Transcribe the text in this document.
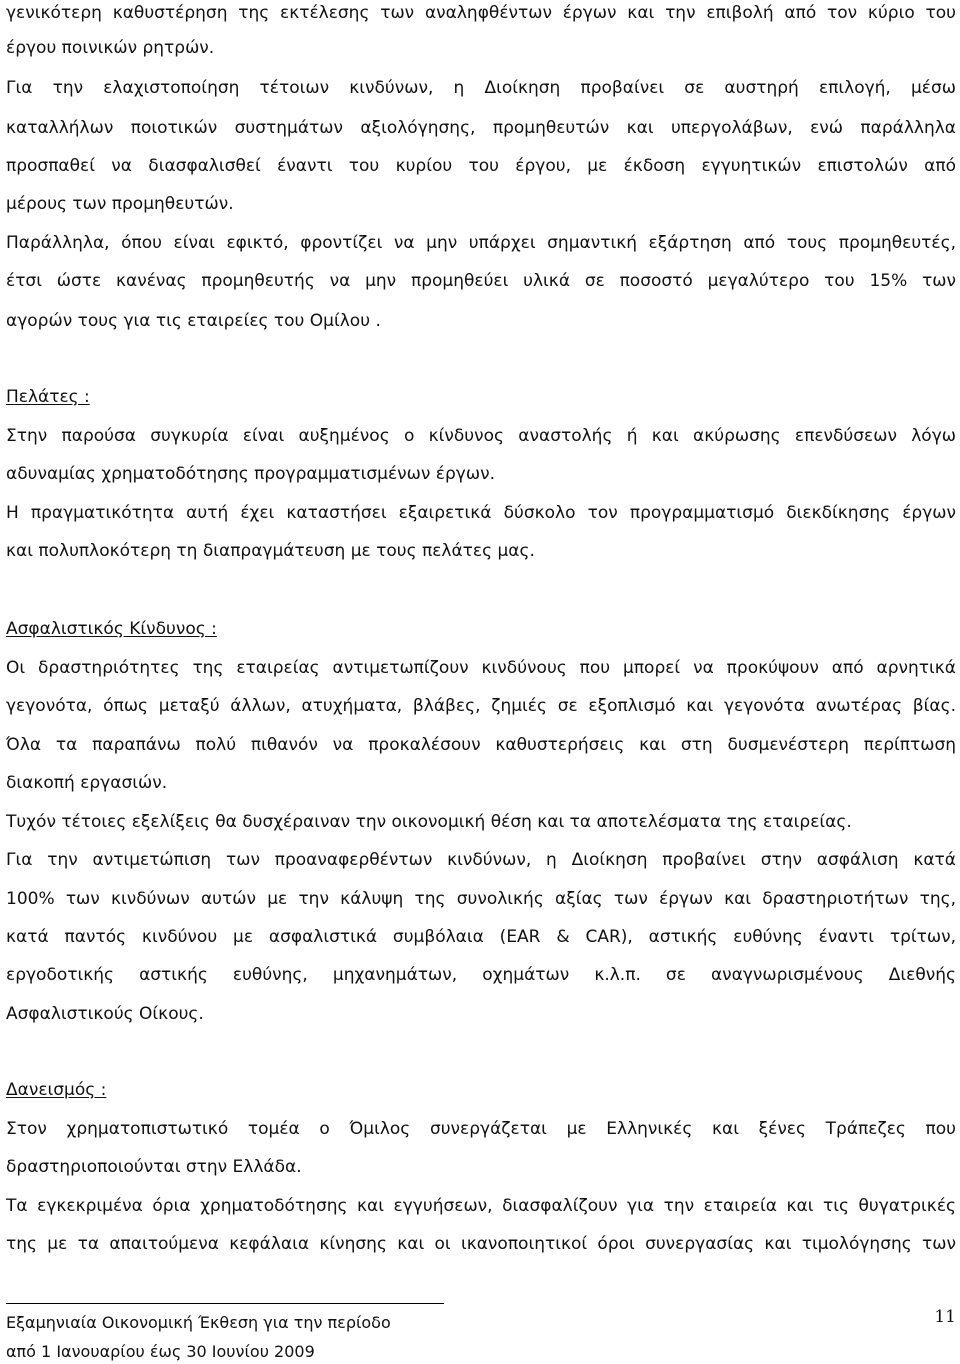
γενικότερη καθυστέρηση της εκτέλεσης των αναληφθέντων έργων και την επιβολή από τον κύριο του
έργου ποινικών ρητρών.
Για την ελαχιστοποίηση τέτοιων κινδύνων, η Διοίκηση προβαίνει σε αυστηρή επιλογή, μέσω
καταλλήλων ποιοτικών συστημάτων αξιολόγησης, προμηθευτών και υπεργολάβων, ενώ παράλληλα
προσπαθεί να διασφαλισθεί έναντι του κυρίου του έργου, με έκδοση εγγυητικών επιστολών από
μέρους των προμηθευτών.
Παράλληλα, όπου είναι εφικτό, φροντίζει να μην υπάρχει σημαντική εξάρτηση από τους προμηθευτές,
έτσι ώστε κανένας προμηθευτής να μην προμηθεύει υλικά σε ποσοστό μεγαλύτερο του 15% των
αγορών τους για τις εταιρείες του Ομίλου .
Πελάτες :
Στην παρούσα συγκυρία είναι αυξημένος ο κίνδυνος αναστολής ή και ακύρωσης επενδύσεων λόγω
αδυναμίας χρηματοδότησης προγραμματισμένων έργων.
Η πραγματικότητα αυτή έχει καταστήσει εξαιρετικά δύσκολο τον προγραμματισμό διεκδίκησης έργων
και πολυπλοκότερη τη διαπραγμάτευση με τους πελάτες μας.
Ασφαλιστικός Κίνδυνος :
Οι δραστηριότητες της εταιρείας αντιμετωπίζουν κινδύνους που μπορεί να προκύψουν από αρνητικά
γεγονότα, όπως μεταξύ άλλων, ατυχήματα, βλάβες, ζημιές σε εξοπλισμό και γεγονότα ανωτέρας βίας.
Όλα τα παραπάνω πολύ πιθανόν να προκαλέσουν καθυστερήσεις και στη δυσμενέστερη περίπτωση
διακοπή εργασιών.
Τυχόν τέτοιες εξελίξεις θα δυσχέραιναν την οικονομική θέση και τα αποτελέσματα της εταιρείας.
Για την αντιμετώπιση των προαναφερθέντων κινδύνων, η Διοίκηση προβαίνει στην ασφάλιση κατά
100% των κινδύνων αυτών με την κάλυψη της συνολικής αξίας των έργων και δραστηριοτήτων της,
κατά παντός κινδύνου με ασφαλιστικά συμβόλαια (EAR & CAR), αστικής ευθύνης έναντι τρίτων,
εργοδοτικής αστικής ευθύνης, μηχανημάτων, οχημάτων κ.λ.π. σε αναγνωρισμένους Διεθνής
Ασφαλιστικούς Οίκους.
Δανεισμός :
Στον χρηματοπιστωτικό τομέα ο Όμιλος συνεργάζεται με Ελληνικές και ξένες Τράπεζες που
δραστηριοποιούνται στην Ελλάδα.
Τα εγκεκριμένα όρια χρηματοδότησης και εγγυήσεων, διασφαλίζουν για την εταιρεία και τις θυγατρικές
της με τα απαιτούμενα κεφάλαια κίνησης και οι ικανοποιητικοί όροι συνεργασίας και τιμολόγησης των
Εξαμηνιαία Οικονομική Έκθεση για την περίοδο
από 1 Ιανουαρίου έως 30 Ιουνίου 2009
11
